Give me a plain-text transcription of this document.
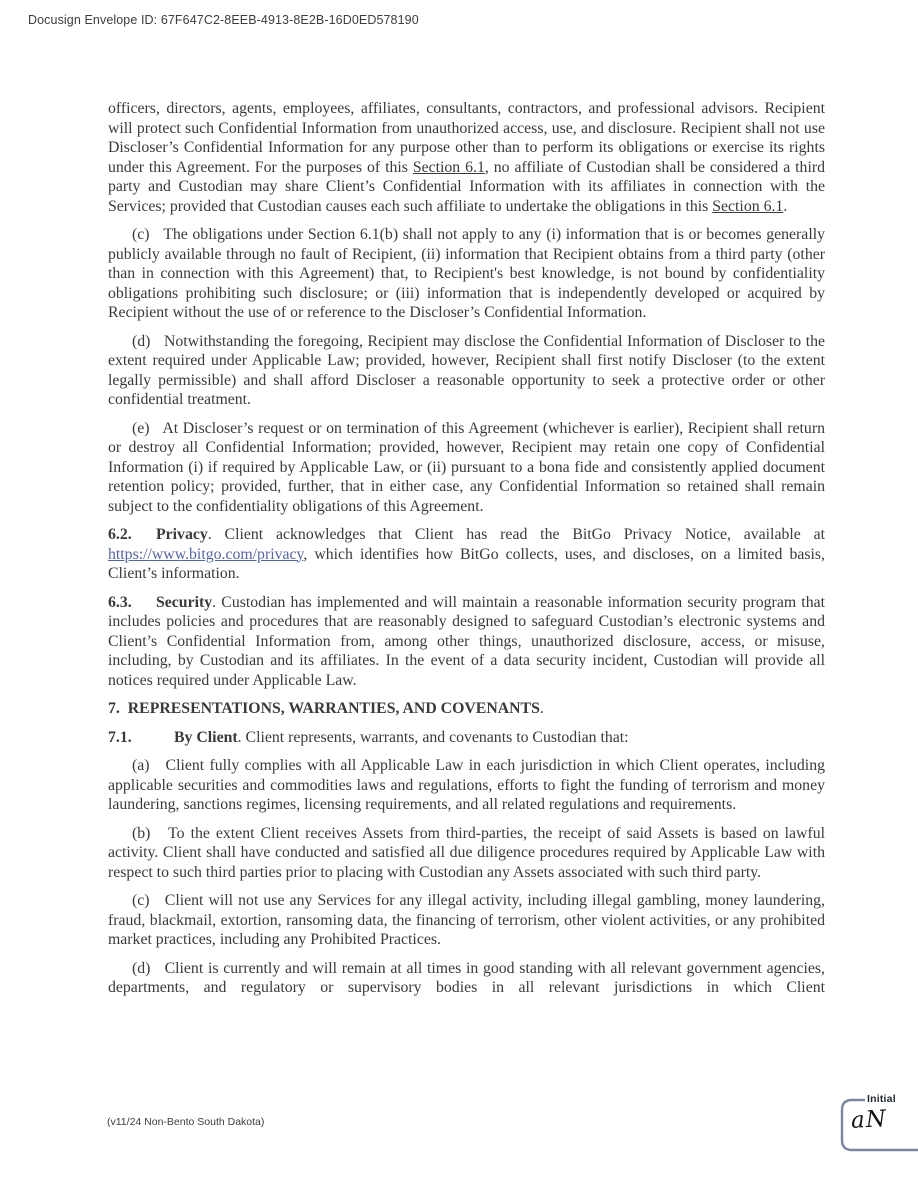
Docusign Envelope ID: 67F647C2-8EEB-4913-8E2B-16D0ED578190

officers, directors, agents, employees, affiliates, consultants, contractors, and professional advisors. Recipient will protect such Confidential Information from unauthorized access, use, and disclosure. Recipient shall not use Discloser’s Confidential Information for any purpose other than to perform its obligations or exercise its rights under this Agreement. For the purposes of this Section 6.1, no affiliate of Custodian shall be considered a third party and Custodian may share Client’s Confidential Information with its affiliates in connection with the Services; provided that Custodian causes each such affiliate to undertake the obligations in this Section 6.1.

(c)   The obligations under Section 6.1(b) shall not apply to any (i) information that is or becomes generally publicly available through no fault of Recipient, (ii) information that Recipient obtains from a third party (other than in connection with this Agreement) that, to Recipient's best knowledge, is not bound by confidentiality obligations prohibiting such disclosure; or (iii) information that is independently developed or acquired by Recipient without the use of or reference to the Discloser’s Confidential Information.

(d)   Notwithstanding the foregoing, Recipient may disclose the Confidential Information of Discloser to the extent required under Applicable Law; provided, however, Recipient shall first notify Discloser (to the extent legally permissible) and shall afford Discloser a reasonable opportunity to seek a protective order or other confidential treatment.

(e)   At Discloser’s request or on termination of this Agreement (whichever is earlier), Recipient shall return or destroy all Confidential Information; provided, however, Recipient may retain one copy of Confidential Information (i) if required by Applicable Law, or (ii) pursuant to a bona fide and consistently applied document retention policy; provided, further, that in either case, any Confidential Information so retained shall remain subject to the confidentiality obligations of this Agreement.

6.2. Privacy. Client acknowledges that Client has read the BitGo Privacy Notice, available at https://www.bitgo.com/privacy, which identifies how BitGo collects, uses, and discloses, on a limited basis, Client’s information.

6.3. Security. Custodian has implemented and will maintain a reasonable information security program that includes policies and procedures that are reasonably designed to safeguard Custodian’s electronic systems and Client’s Confidential Information from, among other things, unauthorized disclosure, access, or misuse, including, by Custodian and its affiliates. In the event of a data security incident, Custodian will provide all notices required under Applicable Law.

7.  REPRESENTATIONS, WARRANTIES, AND COVENANTS.

7.1.	By Client. Client represents, warrants, and covenants to Custodian that:

(a)   Client fully complies with all Applicable Law in each jurisdiction in which Client operates, including applicable securities and commodities laws and regulations, efforts to fight the funding of terrorism and money laundering, sanctions regimes, licensing requirements, and all related regulations and requirements.

(b)   To the extent Client receives Assets from third-parties, the receipt of said Assets is based on lawful activity. Client shall have conducted and satisfied all due diligence procedures required by Applicable Law with respect to such third parties prior to placing with Custodian any Assets associated with such third party.

(c)   Client will not use any Services for any illegal activity, including illegal gambling, money laundering, fraud, blackmail, extortion, ransoming data, the financing of terrorism, other violent activities, or any prohibited market practices, including any Prohibited Practices.

(d)   Client is currently and will remain at all times in good standing with all relevant government agencies, departments, and regulatory or supervisory bodies in all relevant jurisdictions in which Client

(v11/24 Non-Bento South Dakota)
Initial
aN
